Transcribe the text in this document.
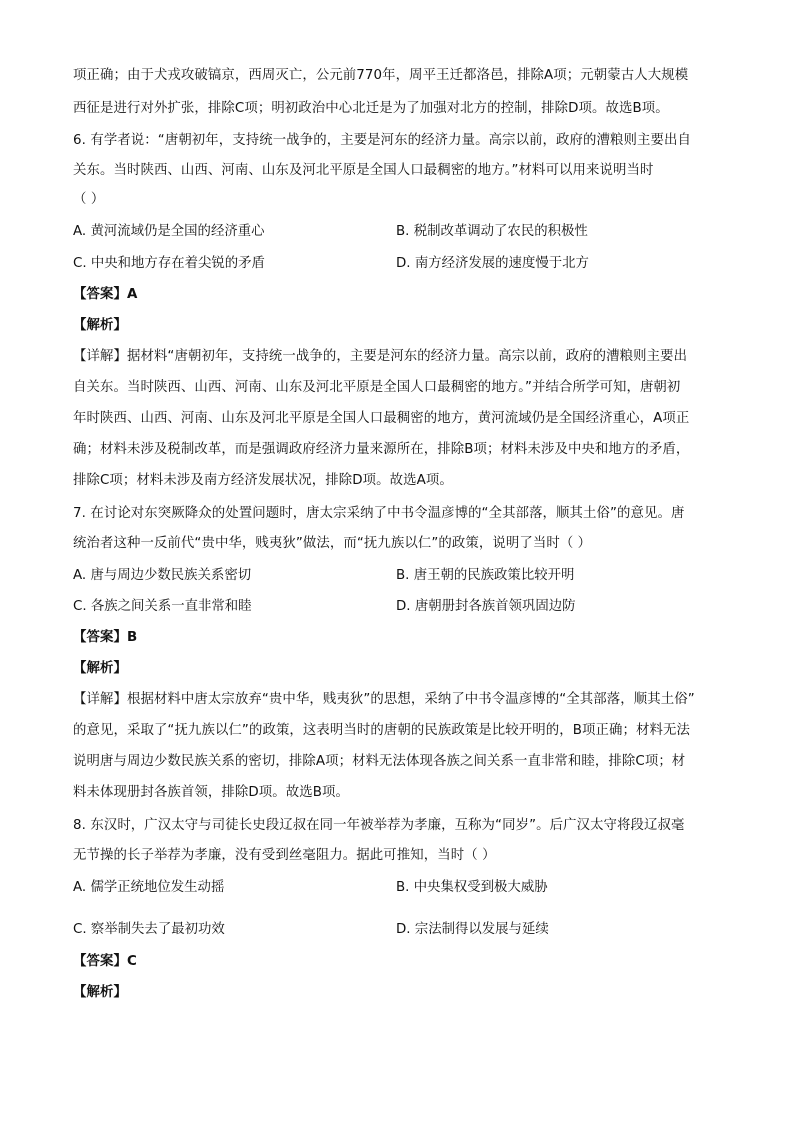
项正确；由于犬戎攻破镐京，西周灭亡，公元前770年，周平王迁都洛邑，排除A项；元朝蒙古人大规模
西征是进行对外扩张，排除C项；明初政治中心北迁是为了加强对北方的控制，排除D项。故选B项。
6. 有学者说：“唐朝初年，支持统一战争的，主要是河东的经济力量。高宗以前，政府的漕粮则主要出自
关东。当时陕西、山西、河南、山东及河北平原是全国人口最稠密的地方。”材料可以用来说明当时
（ ）
A. 黄河流域仍是全国的经济重心	B. 税制改革调动了农民的积极性
C. 中央和地方存在着尖锐的矛盾	D. 南方经济发展的速度慢于北方
【答案】A
【解析】
【详解】据材料“唐朝初年，支持统一战争的，主要是河东的经济力量。高宗以前，政府的漕粮则主要出
自关东。当时陕西、山西、河南、山东及河北平原是全国人口最稠密的地方。”并结合所学可知，唐朝初
年时陕西、山西、河南、山东及河北平原是全国人口最稠密的地方，黄河流域仍是全国经济重心，A项正
确；材料未涉及税制改革，而是强调政府经济力量来源所在，排除B项；材料未涉及中央和地方的矛盾，
排除C项；材料未涉及南方经济发展状况，排除D项。故选A项。
7. 在讨论对东突厥降众的处置问题时，唐太宗采纳了中书令温彦博的“全其部落，顺其土俗”的意见。唐
统治者这种一反前代“贵中华，贱夷狄”做法，而“抚九族以仁”的政策，说明了当时（ ）
A. 唐与周边少数民族关系密切	B. 唐王朝的民族政策比较开明
C. 各族之间关系一直非常和睦	D. 唐朝册封各族首领巩固边防
【答案】B
【解析】
【详解】根据材料中唐太宗放弃“贵中华，贱夷狄”的思想，采纳了中书令温彦博的“全其部落，顺其土俗”
的意见，采取了“抚九族以仁”的政策，这表明当时的唐朝的民族政策是比较开明的，B项正确；材料无法
说明唐与周边少数民族关系的密切，排除A项；材料无法体现各族之间关系一直非常和睦，排除C项；材
料未体现册封各族首领，排除D项。故选B项。
8. 东汉时，广汉太守与司徒长史段辽叔在同一年被举荐为孝廉，互称为“同岁”。后广汉太守将段辽叔毫
无节操的长子举荐为孝廉，没有受到丝毫阻力。据此可推知，当时（ ）
A. 儒学正统地位发生动摇	B. 中央集权受到极大威胁
C. 察举制失去了最初功效	D. 宗法制得以发展与延续
【答案】C
【解析】
